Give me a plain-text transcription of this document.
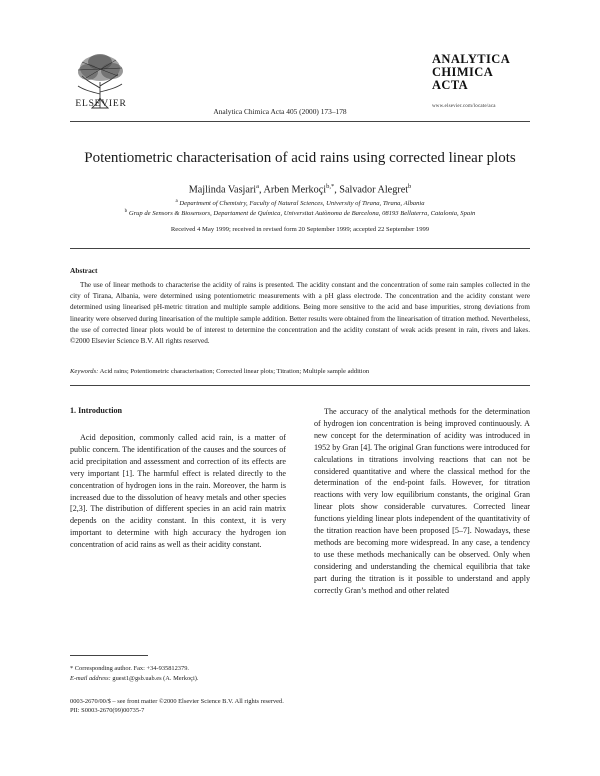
ELSEVIER
Analytica Chimica Acta 405 (2000) 173–178
ANALYTICA
CHIMICA
ACTA
www.elsevier.com/locate/aca
Potentiometric characterisation of acid rains using corrected linear plots
Majlinda Vasjari$^a$, Arben Merkoçi$^{b,*}$, Salvador Alegret$^b$
$^a$ Department of Chemistry, Faculty of Natural Sciences, University of Tirana, Tirana, Albania
$^b$ Grup de Sensors & Biosensors, Departament de Química, Universitat Autònoma de Barcelona, 08193 Bellaterra, Catalonia, Spain
Received 4 May 1999; received in revised form 20 September 1999; accepted 22 September 1999
Abstract
The use of linear methods to characterise the acidity of rains is presented. The acidity constant and the concentration of some rain samples collected in the city of Tirana, Albania, were determined using potentiometric measurements with a pH glass electrode. The concentration and the acidity constant were determined using linearised pH-metric titration and multiple sample additions. Being more sensitive to the acid and base impurities, strong deviations from linearity were observed during linearisation of the multiple sample addition. Better results were obtained from the linearisation of titration method. Nevertheless, the use of corrected linear plots would be of interest to determine the concentration and the acidity constant of weak acids present in rain, rivers and lakes. ©2000 Elsevier Science B.V. All rights reserved.
Keywords: Acid rains; Potentiometric characterisation; Corrected linear plots; Titration; Multiple sample addition
1. Introduction
Acid deposition, commonly called acid rain, is a matter of public concern. The identification of the causes and the sources of acid precipitation and assessment and correction of its effects are very important [1]. The harmful effect is related directly to the concentration of hydrogen ions in the rain. Moreover, the harm is increased due to the dissolution of heavy metals and other species [2,3]. The distribution of different species in an acid rain matrix depends on the acidity constant. In this context, it is very important to determine with high accuracy the hydrogen ion concentration of acid rains as well as their acidity constant.
The accuracy of the analytical methods for the determination of hydrogen ion concentration is being improved continuously. A new concept for the determination of acidity was introduced in 1952 by Gran [4]. The original Gran functions were introduced for calculations in titrations involving reactions that can not be considered quantitative and where the classical method for the determination of the end-point fails. However, for titration reactions with very low equilibrium constants, the original Gran linear plots show considerable curvatures. Corrected linear functions yielding linear plots independent of the quantitativity of the titration reaction have been proposed [5–7]. Nowadays, these methods are becoming more widespread. In any case, a tendency to use these methods mechanically can be observed. Only when considering and understanding the chemical equilibria that take part during the titration is it possible to understand and apply correctly Gran’s method and other related
* Corresponding author. Fax: +34-935812379.
E-mail address: guest1@gsb.uab.es (A. Merkoçi).
0003-2670/00/$ – see front matter ©2000 Elsevier Science B.V. All rights reserved.
PII: S0003-2670(99)00735-7
